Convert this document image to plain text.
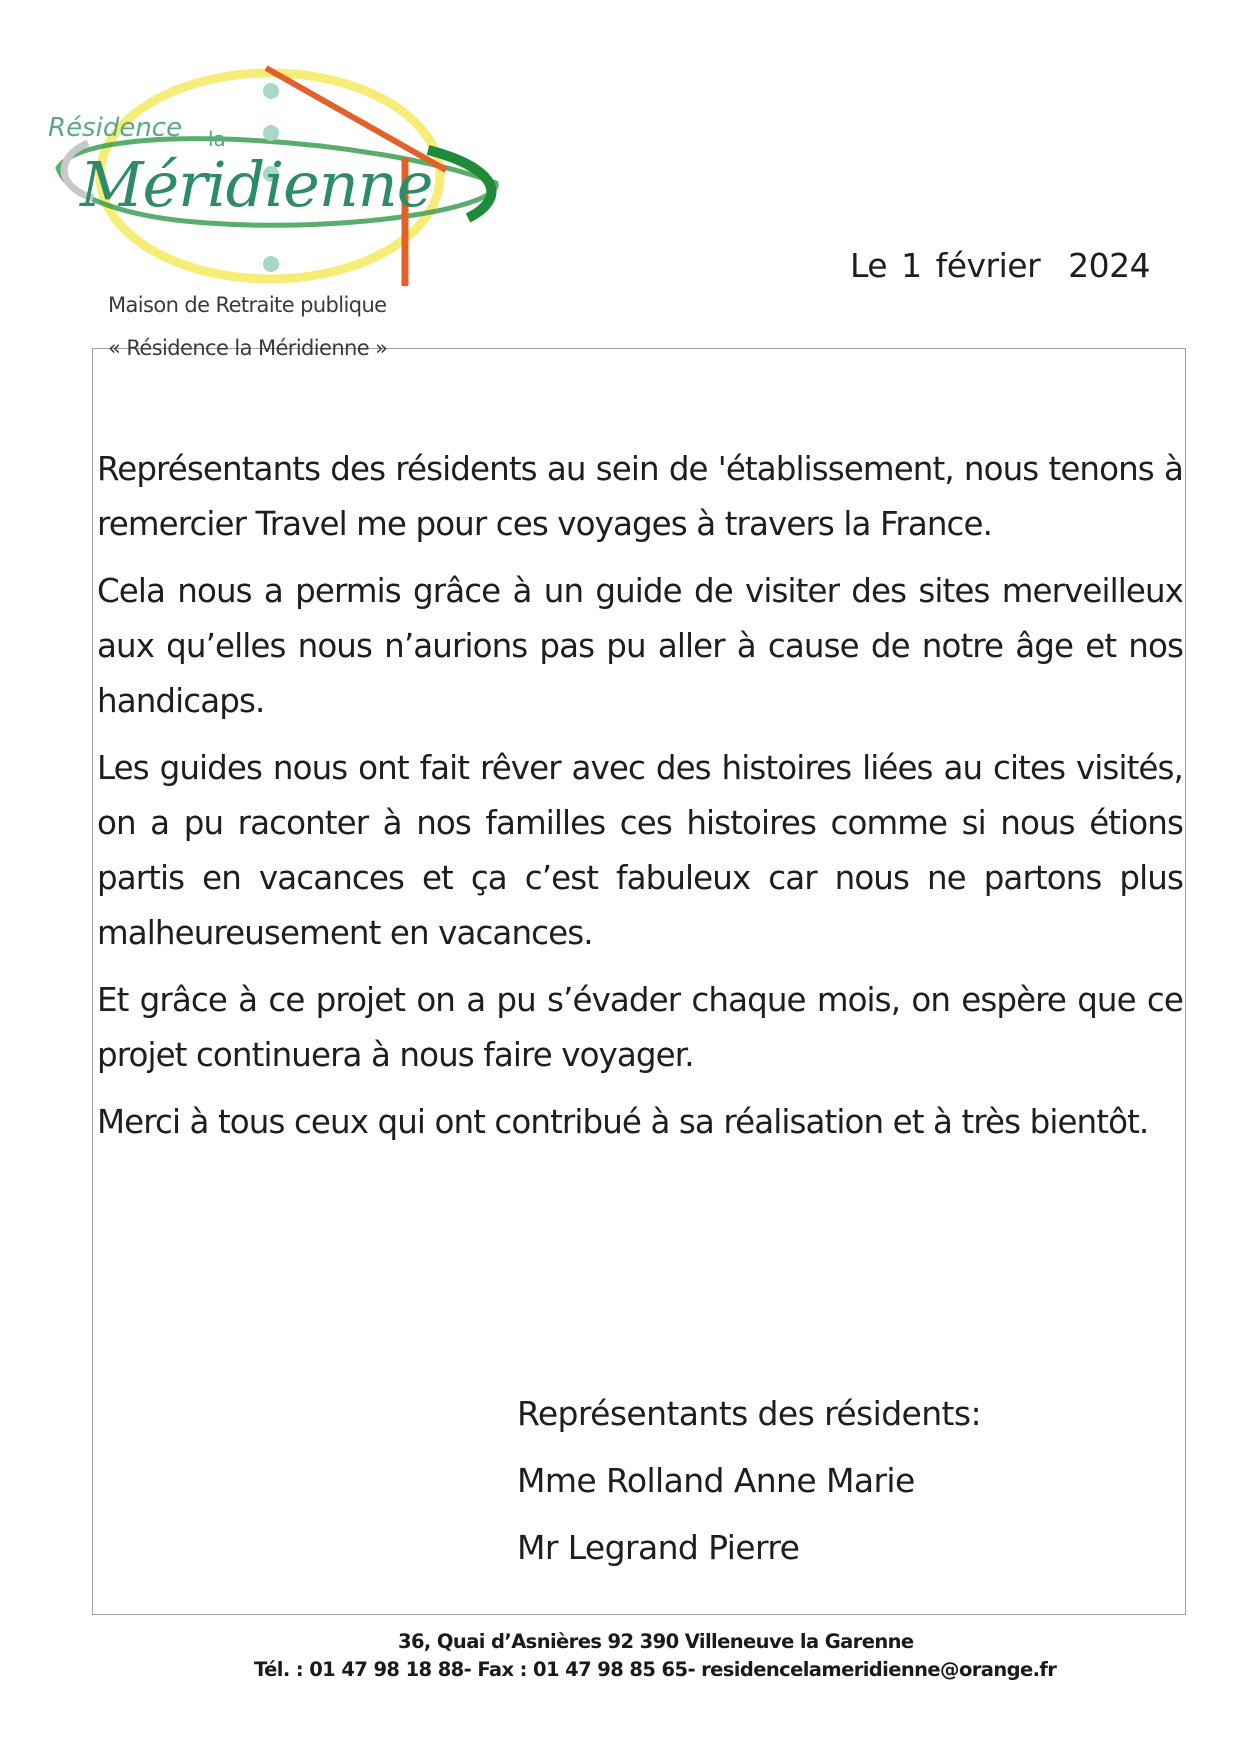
Résidence la
Méridienne
Maison de Retraite publique
Le 1 février  2024
« Résidence la Méridienne »

Représentants des résidents au sein de 'établissement, nous tenons à remercier Travel me pour ces voyages à travers la France.

Cela nous a permis grâce à un guide de visiter des sites merveilleux aux qu’elles nous n’aurions pas pu aller à cause de notre âge et nos handicaps.

Les guides nous ont fait rêver avec des histoires liées au cites visités, on a pu raconter à nos familles ces histoires comme si nous étions partis en vacances et ça c’est fabuleux car nous ne partons plus malheureusement en vacances.

Et grâce à ce projet on a pu s’évader chaque mois, on espère que ce projet continuera à nous faire voyager.

Merci à tous ceux qui ont contribué à sa réalisation et à très bientôt.

Représentants des résidents:
Mme Rolland Anne Marie
Mr Legrand Pierre
36, Quai d’Asnières 92 390 Villeneuve la Garenne
Tél. : 01 47 98 18 88- Fax : 01 47 98 85 65- residencelameridienne@orange.fr
